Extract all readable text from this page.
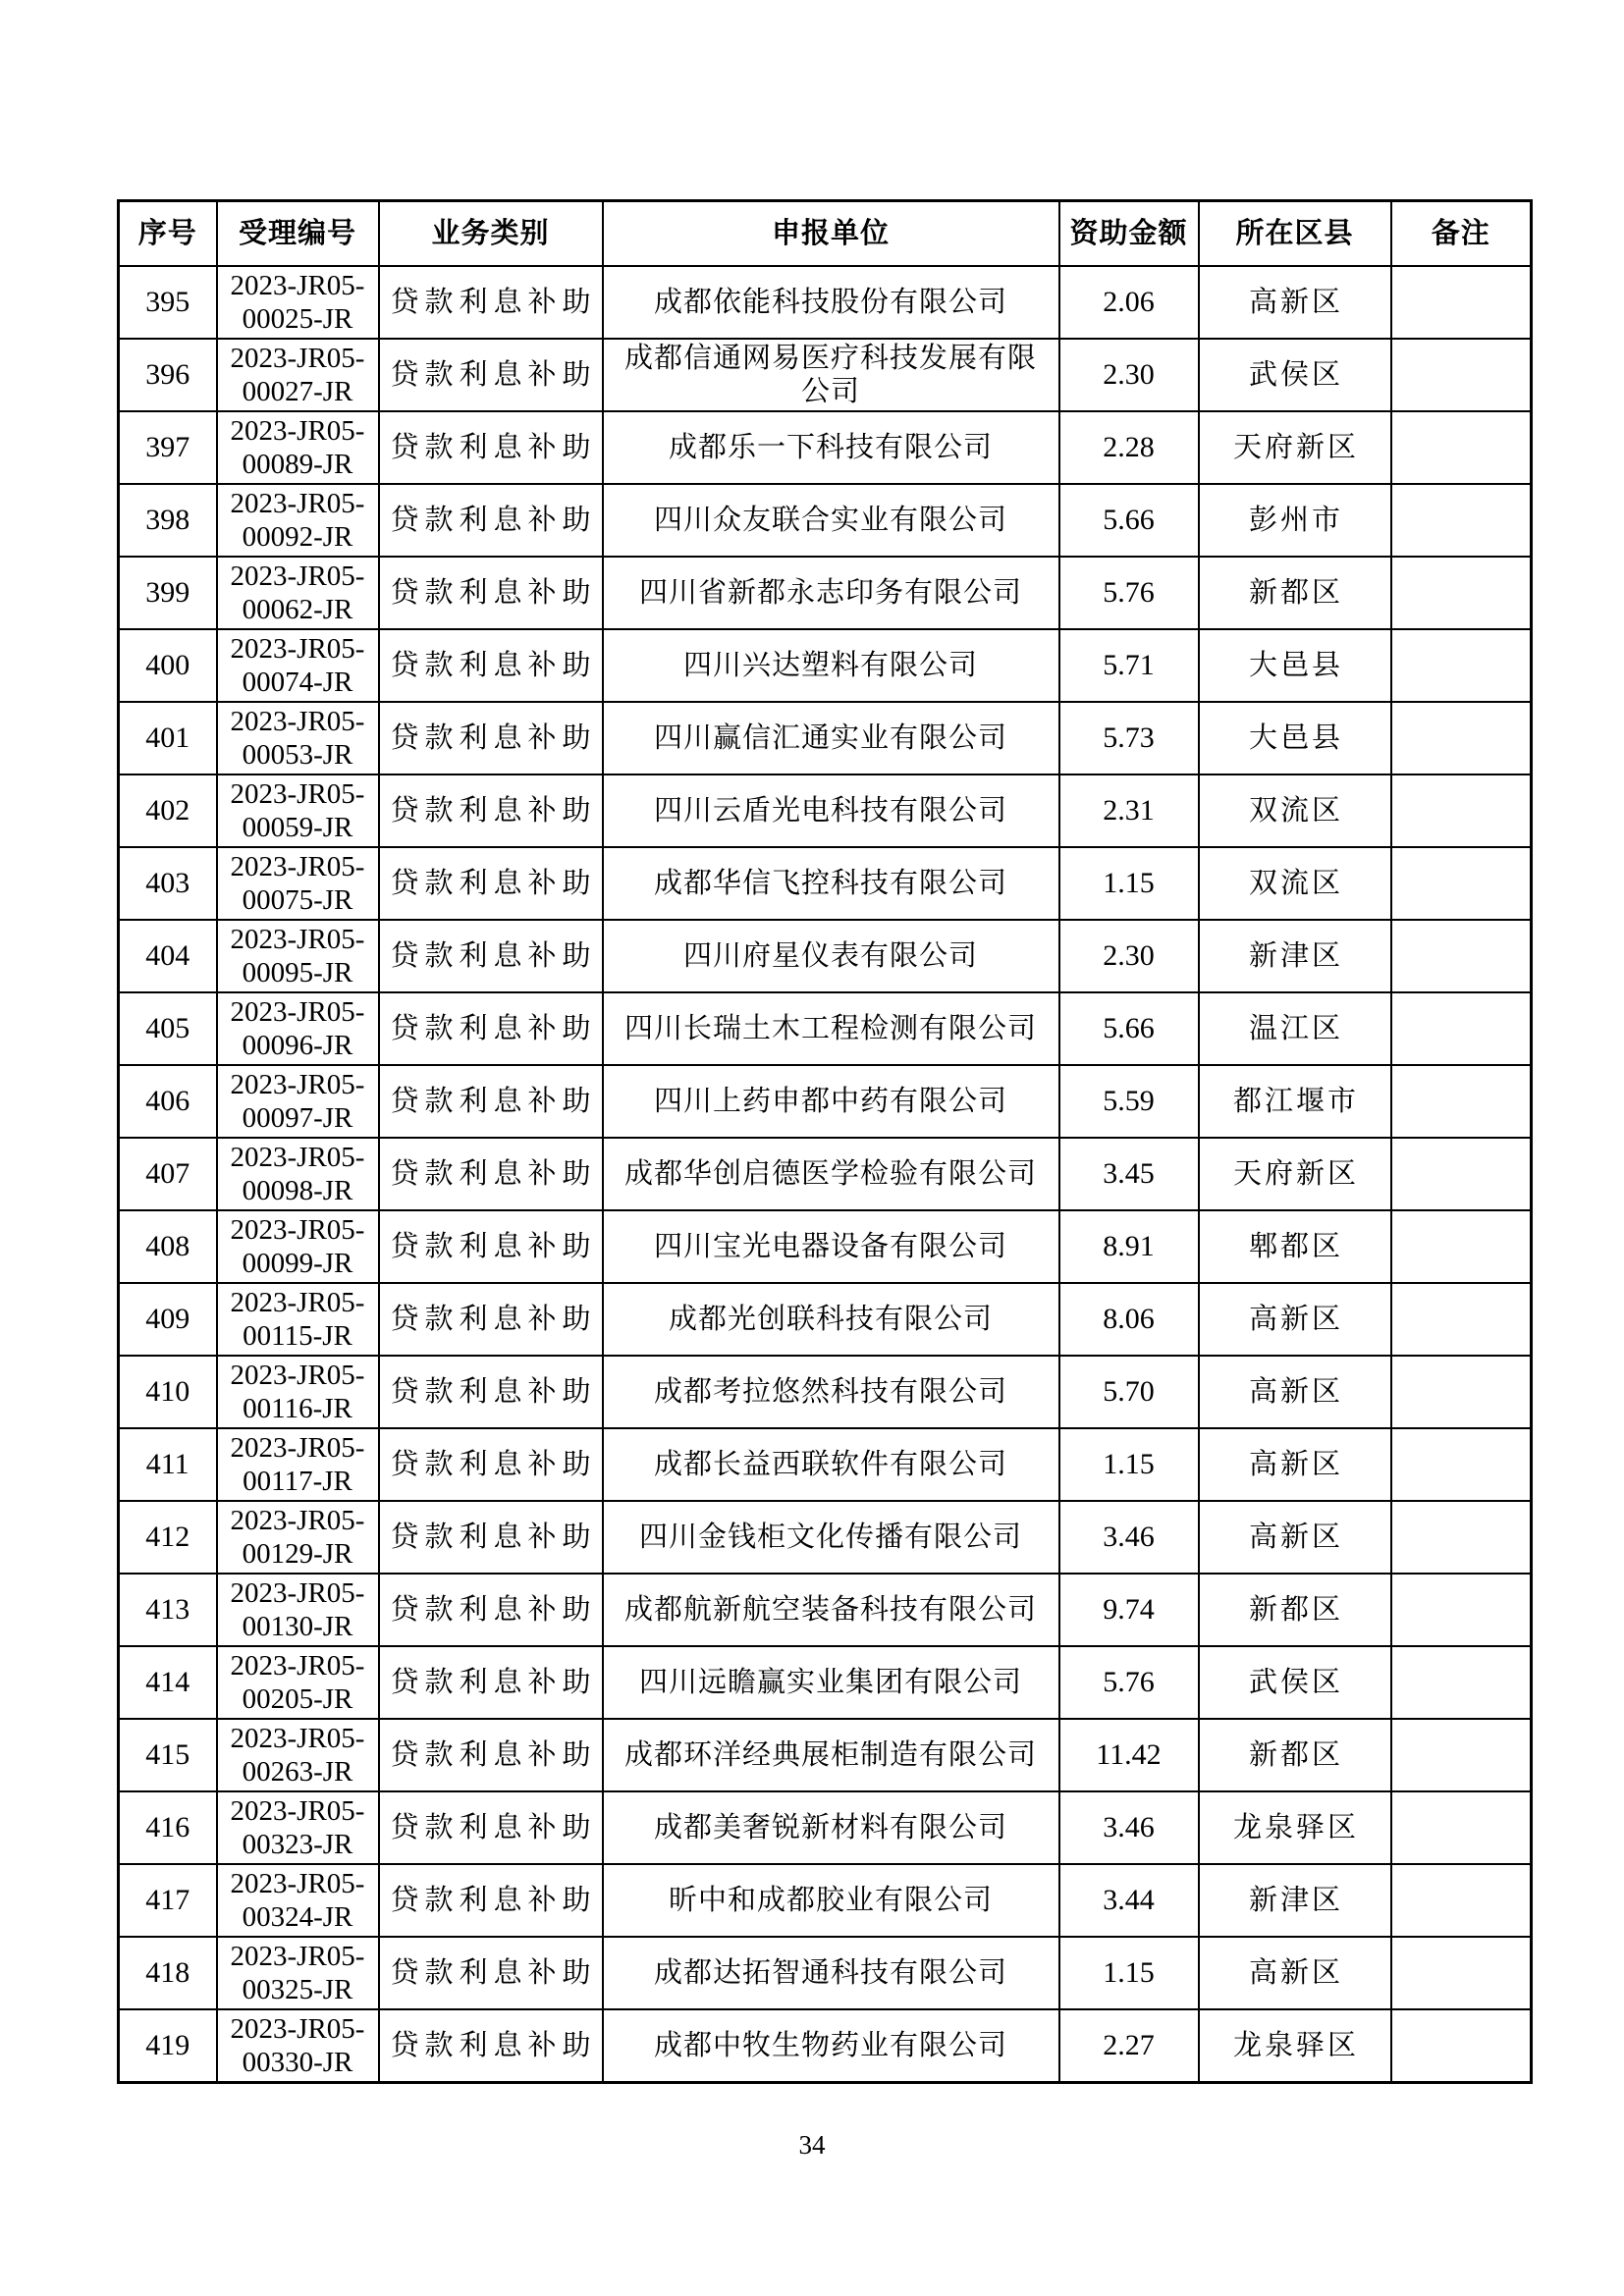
序号	受理编号	业务类别	申报单位	资助金额	所在区县	备注
395	2023-JR05-00025-JR	贷款利息补助	成都依能科技股份有限公司	2.06	高新区	
396	2023-JR05-00027-JR	贷款利息补助	成都信通网易医疗科技发展有限公司	2.30	武侯区	
397	2023-JR05-00089-JR	贷款利息补助	成都乐一下科技有限公司	2.28	天府新区	
398	2023-JR05-00092-JR	贷款利息补助	四川众友联合实业有限公司	5.66	彭州市	
399	2023-JR05-00062-JR	贷款利息补助	四川省新都永志印务有限公司	5.76	新都区	
400	2023-JR05-00074-JR	贷款利息补助	四川兴达塑料有限公司	5.71	大邑县	
401	2023-JR05-00053-JR	贷款利息补助	四川赢信汇通实业有限公司	5.73	大邑县	
402	2023-JR05-00059-JR	贷款利息补助	四川云盾光电科技有限公司	2.31	双流区	
403	2023-JR05-00075-JR	贷款利息补助	成都华信飞控科技有限公司	1.15	双流区	
404	2023-JR05-00095-JR	贷款利息补助	四川府星仪表有限公司	2.30	新津区	
405	2023-JR05-00096-JR	贷款利息补助	四川长瑞土木工程检测有限公司	5.66	温江区	
406	2023-JR05-00097-JR	贷款利息补助	四川上药申都中药有限公司	5.59	都江堰市	
407	2023-JR05-00098-JR	贷款利息补助	成都华创启德医学检验有限公司	3.45	天府新区	
408	2023-JR05-00099-JR	贷款利息补助	四川宝光电器设备有限公司	8.91	郫都区	
409	2023-JR05-00115-JR	贷款利息补助	成都光创联科技有限公司	8.06	高新区	
410	2023-JR05-00116-JR	贷款利息补助	成都考拉悠然科技有限公司	5.70	高新区	
411	2023-JR05-00117-JR	贷款利息补助	成都长益西联软件有限公司	1.15	高新区	
412	2023-JR05-00129-JR	贷款利息补助	四川金钱柜文化传播有限公司	3.46	高新区	
413	2023-JR05-00130-JR	贷款利息补助	成都航新航空装备科技有限公司	9.74	新都区	
414	2023-JR05-00205-JR	贷款利息补助	四川远瞻赢实业集团有限公司	5.76	武侯区	
415	2023-JR05-00263-JR	贷款利息补助	成都环洋经典展柜制造有限公司	11.42	新都区	
416	2023-JR05-00323-JR	贷款利息补助	成都美奢锐新材料有限公司	3.46	龙泉驿区	
417	2023-JR05-00324-JR	贷款利息补助	昕中和成都胶业有限公司	3.44	新津区	
418	2023-JR05-00325-JR	贷款利息补助	成都达拓智通科技有限公司	1.15	高新区	
419	2023-JR05-00330-JR	贷款利息补助	成都中牧生物药业有限公司	2.27	龙泉驿区	
34
